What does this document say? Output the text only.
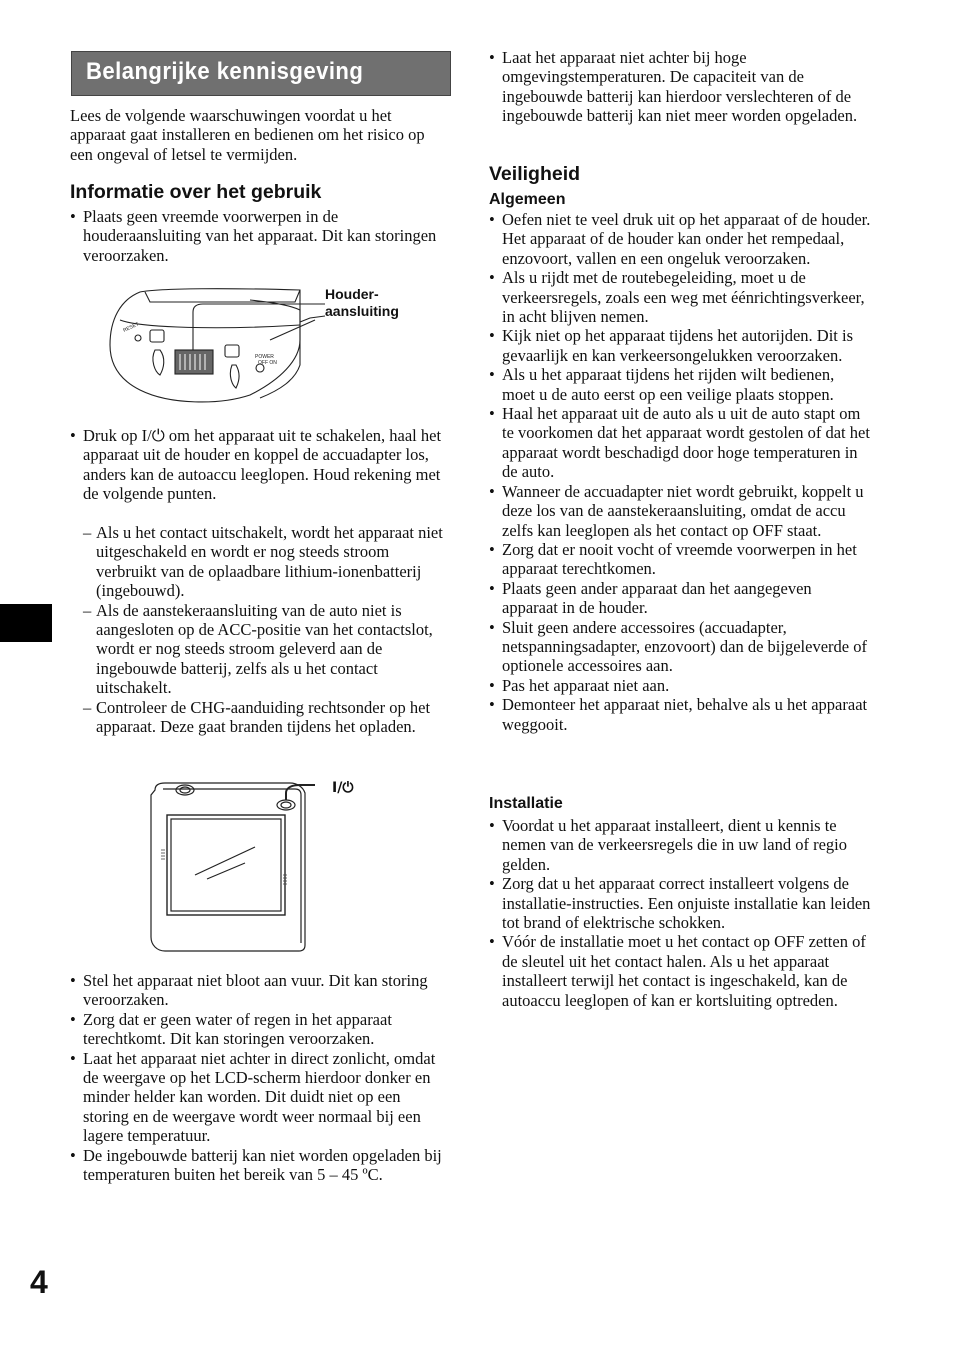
Belangrijke kennisgeving

Lees de volgende waarschuwingen voordat u het apparaat gaat installeren en bedienen om het risico op een ongeval of letsel te vermijden.

Informatie over het gebruik
• Plaats geen vreemde voorwerpen in de houderaansluiting van het apparaat. Dit kan storingen veroorzaken.
RESET
POWER
OFF ON
Houder-
aansluiting
• Druk op I/⏻ om het apparaat uit te schakelen, haal het apparaat uit de houder en koppel de accuadapter los, anders kan de autoaccu leeglopen. Houd rekening met de volgende punten.
– Als u het contact uitschakelt, wordt het apparaat niet uitgeschakeld en wordt er nog steeds stroom verbruikt van de oplaadbare lithium-ionenbatterij (ingebouwd).
– Als de aanstekeraansluiting van de auto niet is aangesloten op de ACC-positie van het contactslot, wordt er nog steeds stroom geleverd aan de ingebouwde batterij, zelfs als u het contact uitschakelt.
– Controleer de CHG-aanduiding rechtsonder op het apparaat. Deze gaat branden tijdens het opladen.
I/⏻
• Stel het apparaat niet bloot aan vuur. Dit kan storing veroorzaken.
• Zorg dat er geen water of regen in het apparaat terechtkomt. Dit kan storingen veroorzaken.
• Laat het apparaat niet achter in direct zonlicht, omdat de weergave op het LCD-scherm hierdoor donker en minder helder kan worden. Dit duidt niet op een storing en de weergave wordt weer normaal bij een lagere temperatuur.
• De ingebouwde batterij kan niet worden opgeladen bij temperaturen buiten het bereik van 5 – 45 ºC.
• Laat het apparaat niet achter bij hoge omgevingstemperaturen. De capaciteit van de ingebouwde batterij kan hierdoor verslechteren of de ingebouwde batterij kan niet meer worden opgeladen.
Veiligheid
Algemeen
• Oefen niet te veel druk uit op het apparaat of de houder. Het apparaat of de houder kan onder het rempedaal, enzovoort, vallen en een ongeluk veroorzaken.
• Als u rijdt met de routebegeleiding, moet u de verkeersregels, zoals een weg met éénrichtingsverkeer, in acht blijven nemen.
• Kijk niet op het apparaat tijdens het autorijden. Dit is gevaarlijk en kan verkeersongelukken veroorzaken.
• Als u het apparaat tijdens het rijden wilt bedienen, moet u de auto eerst op een veilige plaats stoppen.
• Haal het apparaat uit de auto als u uit de auto stapt om te voorkomen dat het apparaat wordt gestolen of dat het apparaat wordt beschadigd door hoge temperaturen in de auto.
• Wanneer de accuadapter niet wordt gebruikt, koppelt u deze los van de aanstekeraansluiting, omdat de accu zelfs kan leeglopen als het contact op OFF staat.
• Zorg dat er nooit vocht of vreemde voorwerpen in het apparaat terechtkomen.
• Plaats geen ander apparaat dan het aangegeven apparaat in de houder.
• Sluit geen andere accessoires (accuadapter, netspanningsadapter, enzovoort) dan de bijgeleverde of optionele accessoires aan.
• Pas het apparaat niet aan.
• Demonteer het apparaat niet, behalve als u het apparaat weggooit.
Installatie
• Voordat u het apparaat installeert, dient u kennis te nemen van de verkeersregels die in uw land of regio gelden.
• Zorg dat u het apparaat correct installeert volgens de installatie-instructies. Een onjuiste installatie kan leiden tot brand of elektrische schokken.
• Vóór de installatie moet u het contact op OFF zetten of de sleutel uit het contact halen. Als u het apparaat installeert terwijl het contact is ingeschakeld, kan de autoaccu leeglopen of kan er kortsluiting optreden.
4
